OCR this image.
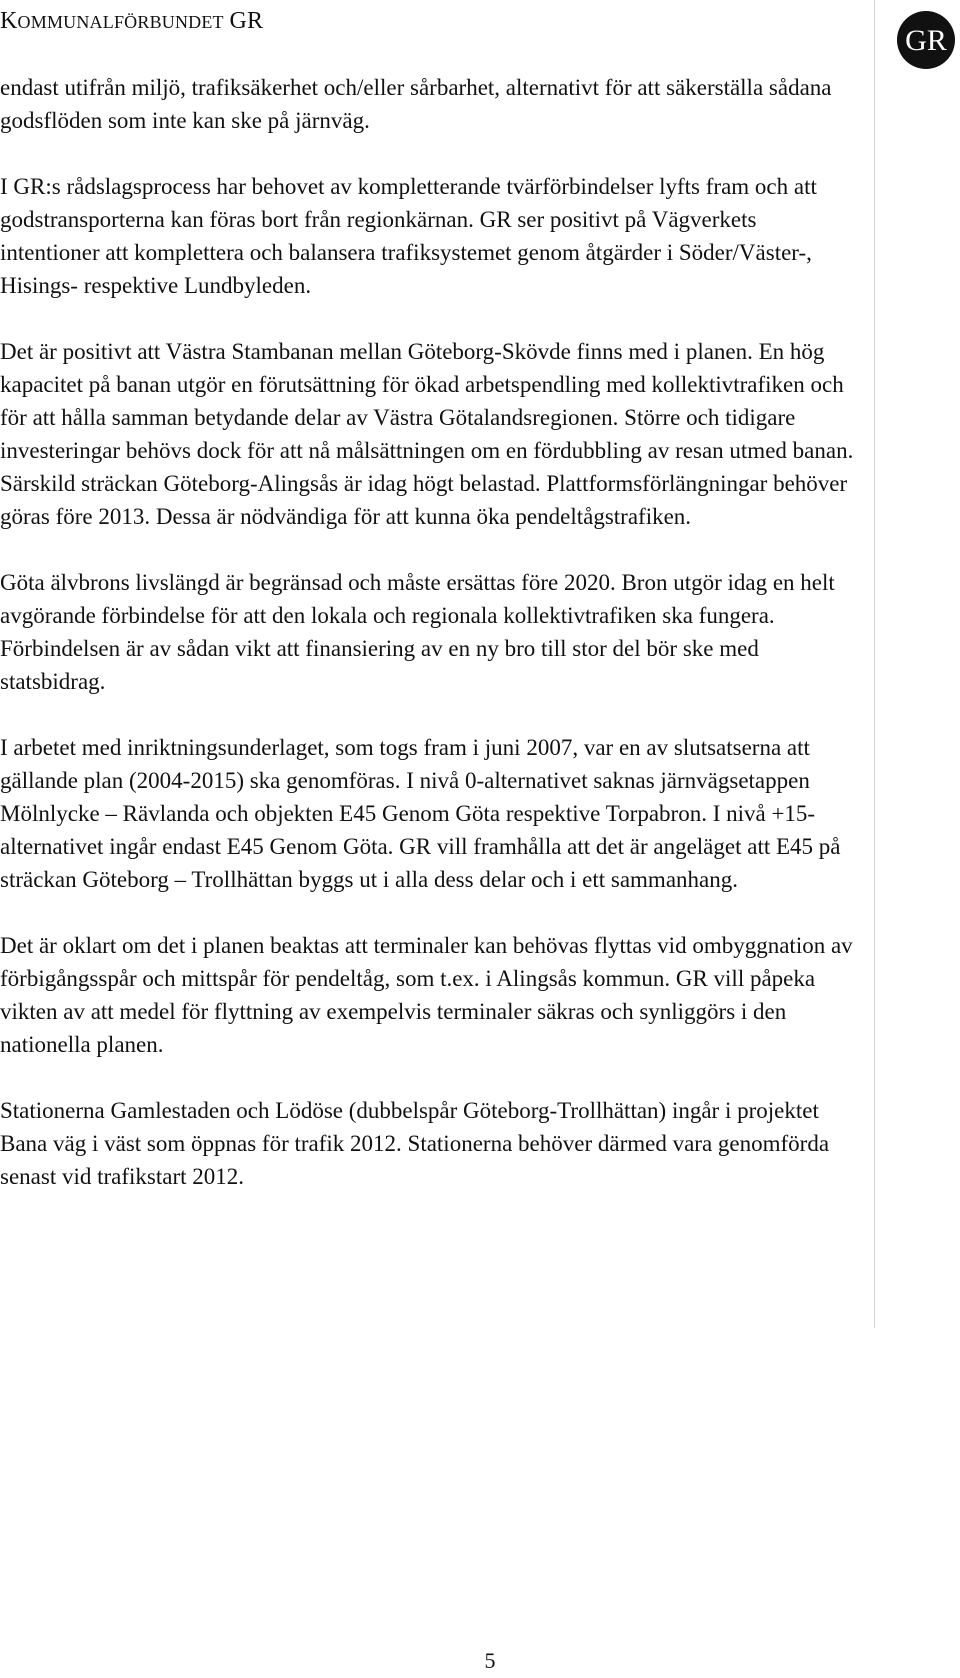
KOMMUNALFÖRBUNDET GR
GR

endast utifrån miljö, trafiksäkerhet och/eller sårbarhet, alternativt för att säkerställa sådana godsflöden som inte kan ske på järnväg.

I GR:s rådslagsprocess har behovet av kompletterande tvärförbindelser lyfts fram och att godstransporterna kan föras bort från regionkärnan. GR ser positivt på Vägverkets intentioner att komplettera och balansera trafiksystemet genom åtgärder i Söder/Väster-, Hisings- respektive Lundbyleden.

Det är positivt att Västra Stambanan mellan Göteborg-Skövde finns med i planen. En hög kapacitet på banan utgör en förutsättning för ökad arbetspendling med kollektivtrafiken och för att hålla samman betydande delar av Västra Götalandsregionen. Större och tidigare investeringar behövs dock för att nå målsättningen om en fördubbling av resan utmed banan. Särskild sträckan Göteborg-Alingsås är idag högt belastad. Plattformsförlängningar behöver göras före 2013. Dessa är nödvändiga för att kunna öka pendeltågstrafiken.

Göta älvbrons livslängd är begränsad och måste ersättas före 2020. Bron utgör idag en helt avgörande förbindelse för att den lokala och regionala kollektivtrafiken ska fungera. Förbindelsen är av sådan vikt att finansiering av en ny bro till stor del bör ske med statsbidrag.

I arbetet med inriktningsunderlaget, som togs fram i juni 2007, var en av slutsatserna att gällande plan (2004-2015) ska genomföras. I nivå 0-alternativet saknas järnvägsetappen Mölnlycke – Rävlanda och objekten E45 Genom Göta respektive Torpabron. I nivå +15-alternativet ingår endast E45 Genom Göta. GR vill framhålla att det är angeläget att E45 på sträckan Göteborg – Trollhättan byggs ut i alla dess delar och i ett sammanhang.

Det är oklart om det i planen beaktas att terminaler kan behövas flyttas vid ombyggnation av förbigångsspår och mittspår för pendeltåg, som t.ex. i Alingsås kommun. GR vill påpeka vikten av att medel för flyttning av exempelvis terminaler säkras och synliggörs i den nationella planen.

Stationerna Gamlestaden och Lödöse (dubbelspår Göteborg-Trollhättan) ingår i projektet Bana väg i väst som öppnas för trafik 2012. Stationerna behöver därmed vara genomförda senast vid trafikstart 2012.

5
